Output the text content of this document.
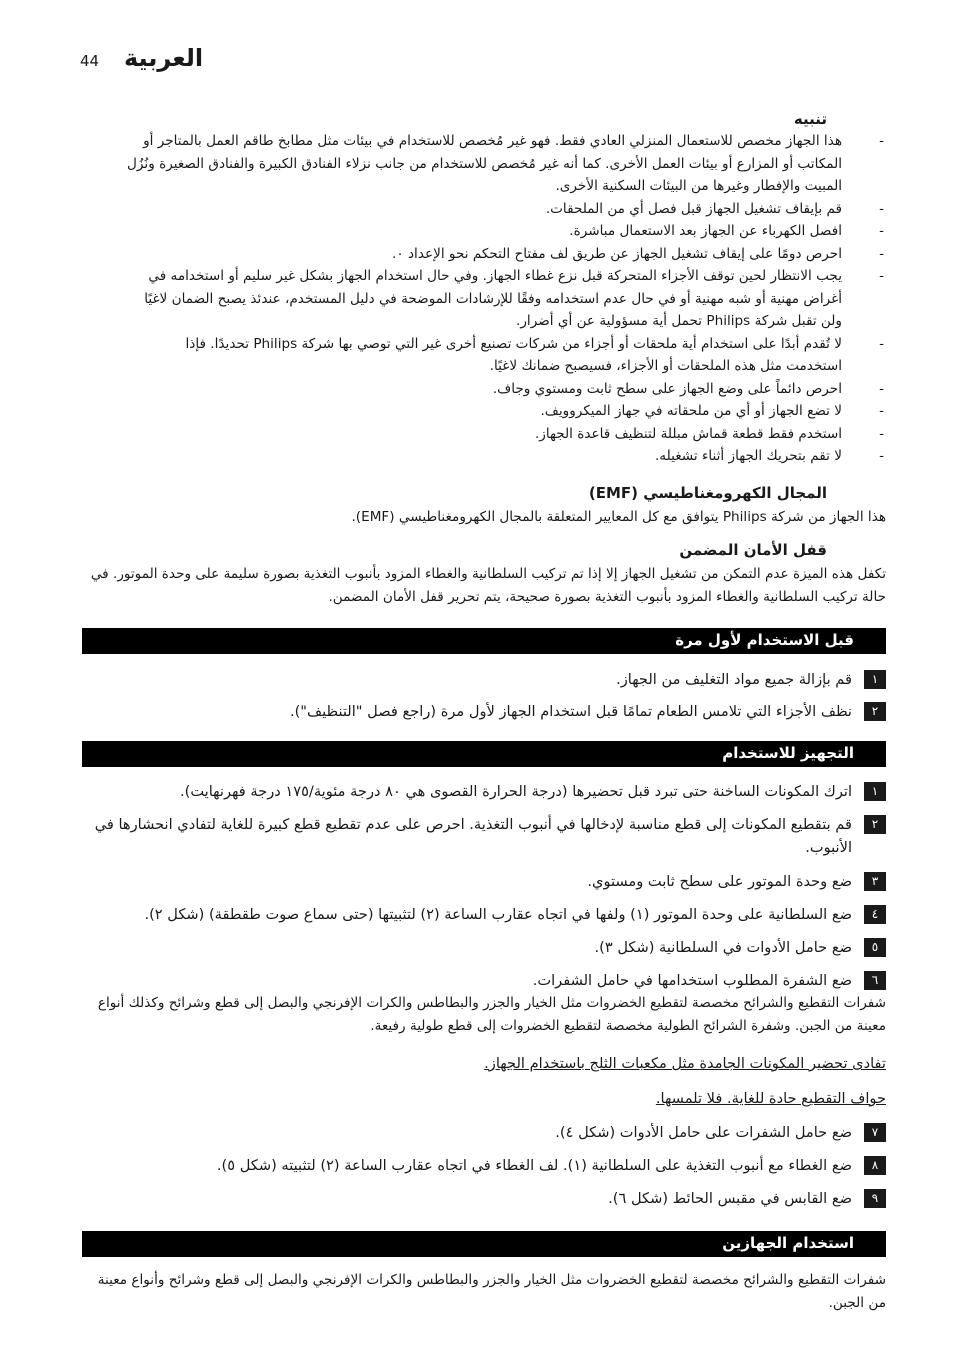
44 العربية
تنبيه
- هذا الجهاز مخصص للاستعمال المنزلي العادي فقط. فهو غير مُخصص للاستخدام في بيئات مثل مطابخ طاقم العمل بالمتاجر أو المكاتب أو المزارع أو بيئات العمل الأخرى. كما أنه غير مُخصص للاستخدام من جانب نزلاء الفنادق الكبيرة والفنادق الصغيرة ونُزُل المبيت والإفطار وغيرها من البيئات السكنية الأخرى.
- قم بإيقاف تشغيل الجهاز قبل فصل أي من الملحقات.
- افصل الكهرباء عن الجهاز بعد الاستعمال مباشرة.
- احرص دومًا على إيقاف تشغيل الجهاز عن طريق لف مفتاح التحكم نحو الإعداد ٠.
- يجب الانتظار لحين توقف الأجزاء المتحركة قبل نزع غطاء الجهاز. وفي حال استخدام الجهاز بشكل غير سليم أو استخدامه في أغراض مهنية أو شبه مهنية أو في حال عدم استخدامه وفقًا للإرشادات الموضحة في دليل المستخدم، عندئذ يصبح الضمان لاغيًا ولن تقبل شركة Philips تحمل أية مسؤولية عن أي أضرار.
- لا تُقدم أبدًا على استخدام أية ملحقات أو أجزاء من شركات تصنيع أخرى غير التي توصي بها شركة Philips تحديدًا. فإذا استخدمت مثل هذه الملحقات أو الأجزاء، فسيصبح ضمانك لاغيًا.
- احرص دائماً على وضع الجهاز على سطح ثابت ومستوي وجاف.
- لا تضع الجهاز أو أي من ملحقاته في جهاز الميكروويف.
- استخدم فقط قطعة قماش مبللة لتنظيف قاعدة الجهاز.
- لا تقم بتحريك الجهاز أثناء تشغيله.
المجال الكهرومغناطيسي (EMF)
هذا الجهاز من شركة Philips يتوافق مع كل المعايير المتعلقة بالمجال الكهرومغناطيسي (EMF).
قفل الأمان المضمن
تكفل هذه الميزة عدم التمكن من تشغيل الجهاز إلا إذا تم تركيب السلطانية والغطاء المزود بأنبوب التغذية بصورة سليمة على وحدة الموتور. في حالة تركيب السلطانية والغطاء المزود بأنبوب التغذية بصورة صحيحة، يتم تحرير قفل الأمان المضمن.
قبل الاستخدام لأول مرة
١
قم بإزالة جميع مواد التغليف من الجهاز.
٢
نظف الأجزاء التي تلامس الطعام تمامًا قبل استخدام الجهاز لأول مرة (راجع فصل "التنظيف").
التجهيز للاستخدام
١
اترك المكونات الساخنة حتى تبرد قبل تحضيرها (درجة الحرارة القصوى هي ٨٠ درجة مئوية/١٧٥ درجة فهرنهايت).
٢
قم بتقطيع المكونات إلى قطع مناسبة لإدخالها في أنبوب التغذية. احرص على عدم تقطيع قطع كبيرة للغاية لتفادي انحشارها في الأنبوب.
٣
ضع وحدة الموتور على سطح ثابت ومستوي.
٤
ضع السلطانية على وحدة الموتور (١) ولفها في اتجاه عقارب الساعة (٢) لتثبيتها (حتى سماع صوت طقطقة) (شكل ٢).
٥
ضع حامل الأدوات في السلطانية (شكل ٣).
٦
ضع الشفرة المطلوب استخدامها في حامل الشفرات.
شفرات التقطيع والشرائح مخصصة لتقطيع الخضروات مثل الخيار والجزر والبطاطس والكرات الإفرنجي والبصل إلى قطع وشرائح وكذلك أنواع معينة من الجبن. وشفرة الشرائح الطولية مخصصة لتقطيع الخضروات إلى قطع طولية رفيعة.
تفادى تحضير المكونات الجامدة مثل مكعبات الثلج باستخدام الجهاز.
حواف التقطيع حادة للغاية. فلا تلمسها.
٧
ضع حامل الشفرات على حامل الأدوات (شكل ٤).
٨
ضع الغطاء مع أنبوب التغذية على السلطانية (١). لف الغطاء في اتجاه عقارب الساعة (٢) لتثبيته (شكل ٥).
٩
ضع القابس في مقبس الحائط (شكل ٦).
استخدام الجهازين
شفرات التقطيع والشرائح مخصصة لتقطيع الخضروات مثل الخيار والجزر والبطاطس والكرات الإفرنجي والبصل إلى قطع وشرائح وأنواع معينة من الجبن.
